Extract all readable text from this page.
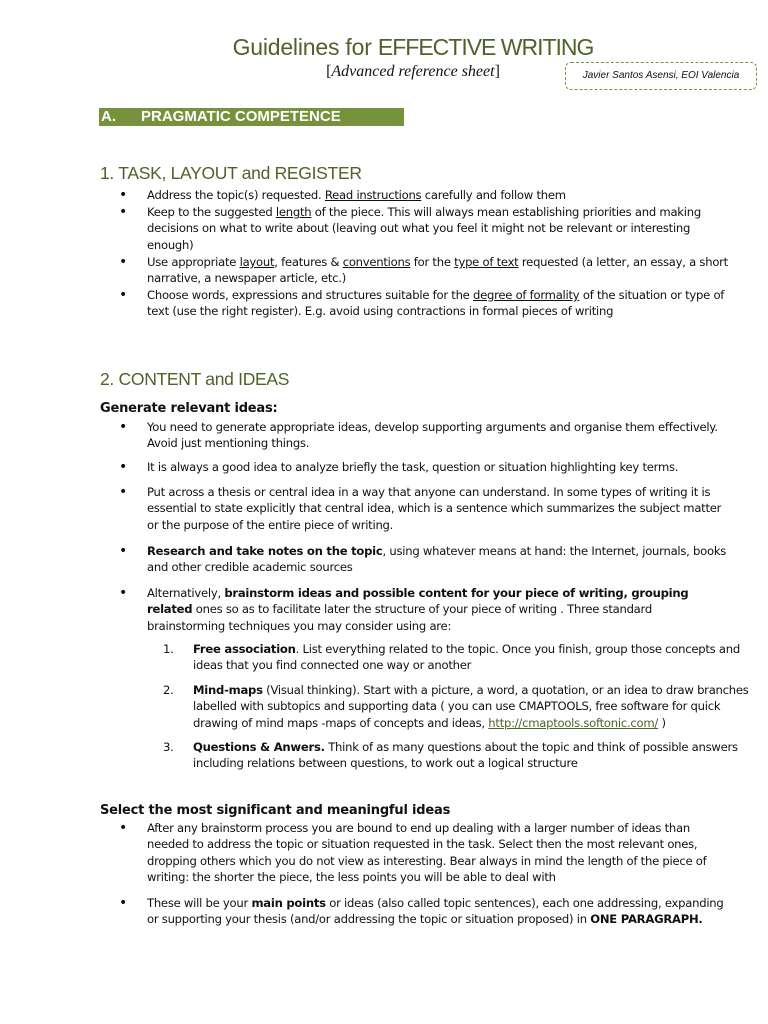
Guidelines for EFFECTIVE WRITING
[Advanced reference sheet]	Javier Santos Asensi, EOI Valencia
A. PRAGMATIC COMPETENCE
1. TASK, LAYOUT and REGISTER
• Address the topic(s) requested. Read instructions carefully and follow them
• Keep to the suggested length of the piece. This will always mean establishing priorities and making decisions on what to write about (leaving out what you feel it might not be relevant or interesting enough)
• Use appropriate layout, features & conventions for the type of text requested (a letter, an essay, a short narrative, a newspaper article, etc.)
• Choose words, expressions and structures suitable for the degree of formality of the situation or type of text (use the right register). E.g. avoid using contractions in formal pieces of writing
2. CONTENT and IDEAS
Generate relevant ideas:
• You need to generate appropriate ideas, develop supporting arguments and organise them effectively. Avoid just mentioning things.
• It is always a good idea to analyze briefly the task, question or situation highlighting key terms.
• Put across a thesis or central idea in a way that anyone can understand. In some types of writing it is essential to state explicitly that central idea, which is a sentence which summarizes the subject matter or the purpose of the entire piece of writing.
• Research and take notes on the topic, using whatever means at hand: the Internet, journals, books and other credible academic sources
• Alternatively, brainstorm ideas and possible content for your piece of writing, grouping related ones so as to facilitate later the structure of your piece of writing . Three standard brainstorming techniques you may consider using are:
1. Free association. List everything related to the topic. Once you finish, group those concepts and ideas that you find connected one way or another
2. Mind-maps (Visual thinking). Start with a picture, a word, a quotation, or an idea to draw branches labelled with subtopics and supporting data ( you can use CMAPTOOLS, free software for quick drawing of mind maps -maps of concepts and ideas, http://cmaptools.softonic.com/ )
3. Questions & Anwers. Think of as many questions about the topic and think of possible answers including relations between questions, to work out a logical structure
Select the most significant and meaningful ideas
• After any brainstorm process you are bound to end up dealing with a larger number of ideas than needed to address the topic or situation requested in the task. Select then the most relevant ones, dropping others which you do not view as interesting. Bear always in mind the length of the piece of writing: the shorter the piece, the less points you will be able to deal with
• These will be your main points or ideas (also called topic sentences), each one addressing, expanding or supporting your thesis (and/or addressing the topic or situation proposed) in ONE PARAGRAPH.
